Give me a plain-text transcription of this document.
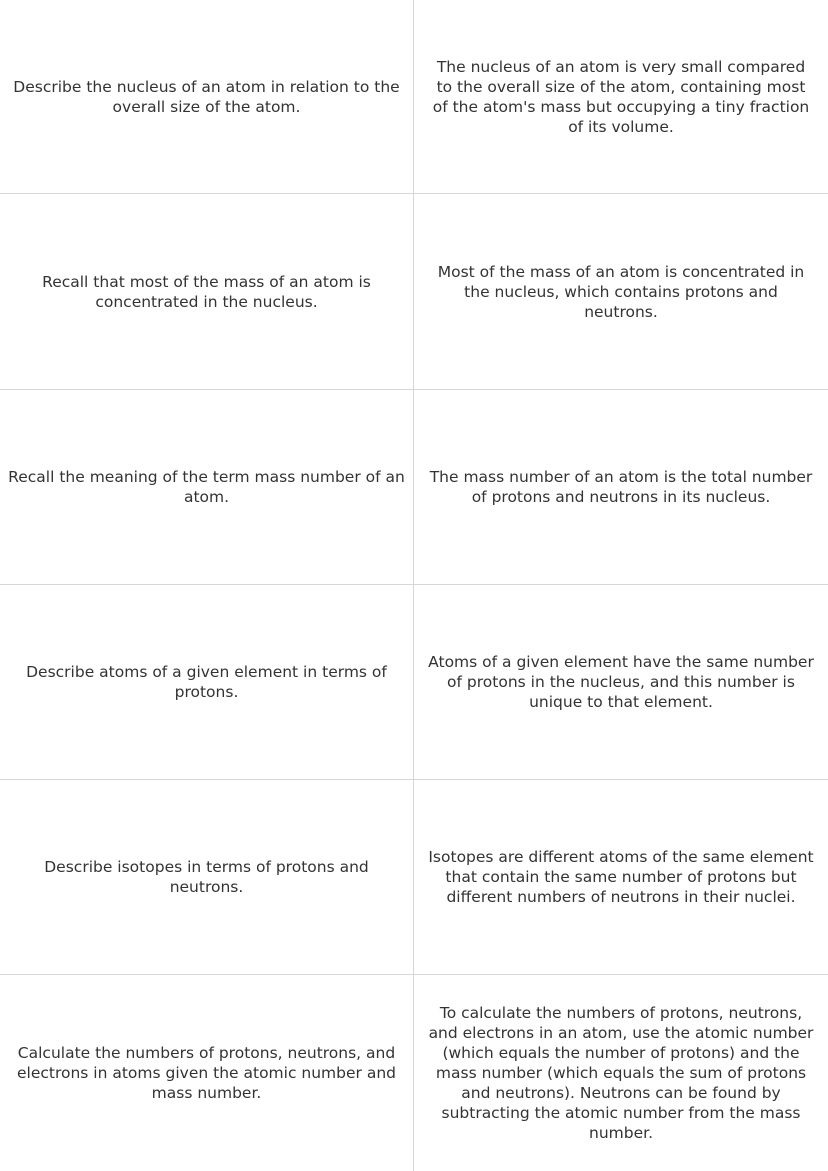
Describe the nucleus of an atom in relation to the overall size of the atom.
The nucleus of an atom is very small compared to the overall size of the atom, containing most of the atom's mass but occupying a tiny fraction of its volume.
Recall that most of the mass of an atom is concentrated in the nucleus.
Most of the mass of an atom is concentrated in the nucleus, which contains protons and neutrons.
Recall the meaning of the term mass number of an atom.
The mass number of an atom is the total number of protons and neutrons in its nucleus.
Describe atoms of a given element in terms of protons.
Atoms of a given element have the same number of protons in the nucleus, and this number is unique to that element.
Describe isotopes in terms of protons and neutrons.
Isotopes are different atoms of the same element that contain the same number of protons but different numbers of neutrons in their nuclei.
Calculate the numbers of protons, neutrons, and electrons in atoms given the atomic number and mass number.
To calculate the numbers of protons, neutrons, and electrons in an atom, use the atomic number (which equals the number of protons) and the mass number (which equals the sum of protons and neutrons). Neutrons can be found by subtracting the atomic number from the mass number.
